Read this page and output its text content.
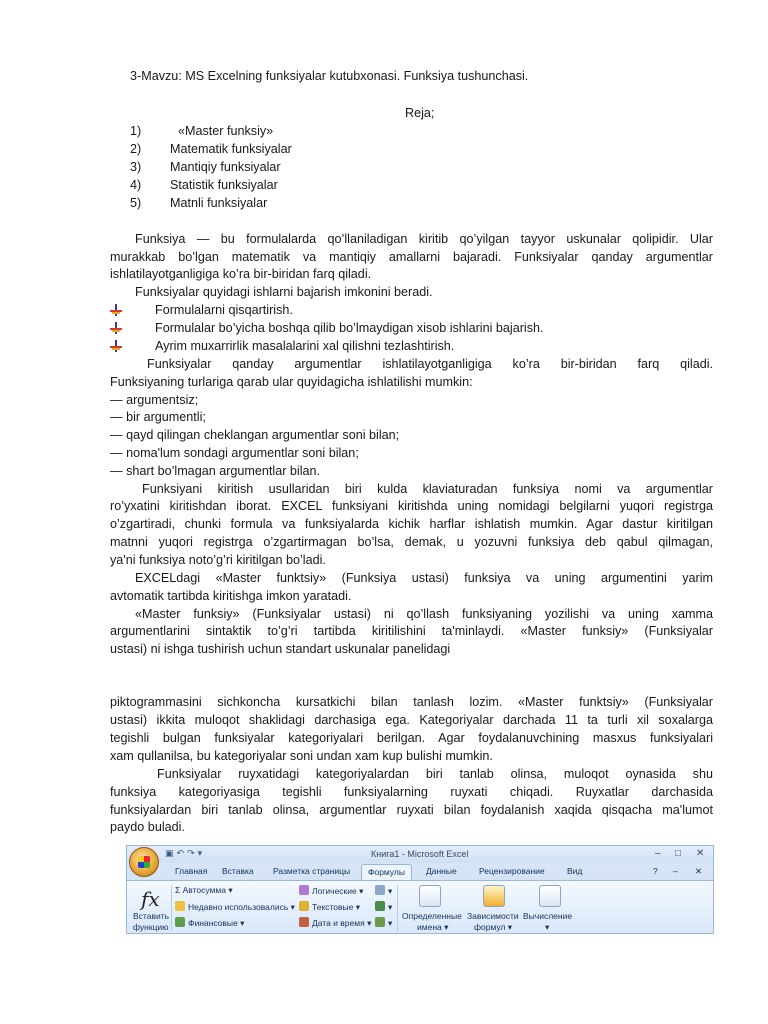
3-Mavzu: MS Excelning funksiyalar kutubxonasi. Funksiya tushunchasi.
Reja;
1)	«Master funksiy»
2) Matematik funksiyalar
3) Mantiqiy funksiyalar
4) Statistik funksiyalar
5) Matnli funksiyalar
Funksiya — bu formulalarda qo’llaniladigan kiritib qo’yilgan tayyor uskunalar qolipidir. Ular
murakkab bo’lgan matematik va mantiqiy amallarni bajaradi. Funksiyalar qanday argumentlar
ishlatilayotganligiga ko’ra bir-biridan farq qiladi.
Funksiyalar quyidagi ishlarni bajarish imkonini beradi.
Formulalarni qisqartirish.
Formulalar bo’yicha boshqa qilib bo’lmaydigan xisob ishlarini bajarish.
Ayrim muxarrirlik masalalarini xal qilishni tezlashtirish.
Funksiyalar qanday argumentlar ishlatilayotganligiga ko’ra bir-biridan farq qiladi.
Funksiyaning turlariga qarab ular quyidagicha ishlatilishi mumkin:
— argumentsiz;
— bir argumentli;
— qayd qilingan cheklangan argumentlar soni bilan;
— noma'lum sondagi argumentlar soni bilan;
— shart bo’lmagan argumentlar bilan.
Funksiyani kiritish usullaridan biri kulda klaviaturadan funksiya nomi va argumentlar
ro’yxatini kiritishdan iborat. EXCEL funksiyani kiritishda uning nomidagi belgilarni yuqori registrga
o’zgartiradi, chunki formula va funksiyalarda kichik harflar ishlatish mumkin. Agar dastur kiritilgan
matnni yuqori registrga o’zgartirmagan bo’lsa, demak, u yozuvni funksiya deb qabul qilmagan,
ya'ni funksiya noto’g’ri kiritilgan bo’ladi.
EXCELdagi «Master funktsiy» (Funksiya ustasi) funksiya va uning argumentini yarim
avtomatik tartibda kiritishga imkon yaratadi.
«Master funksiy» (Funksiyalar ustasi) ni qo’llash funksiyaning yozilishi va uning xamma
argumentlarini sintaktik to’g’ri tartibda kiritilishini ta'minlaydi. «Master funksiy» (Funksiyalar
ustasi) ni ishga tushirish uchun standart uskunalar panelidagi
piktogrammasini sichkoncha kursatkichi bilan tanlash lozim. «Master funktsiy» (Funksiyalar
ustasi) ikkita muloqot shaklidagi darchasiga ega. Kategoriyalar darchada 11 ta turli xil soxalarga
tegishli bulgan funksiyalar kategoriyalari berilgan. Agar foydalanuvchining masxus funksiyalari
xam qullanilsa, bu kategoriyalar soni undan xam kup bulishi mumkin.
Funksiyalar ruyxatidagi kategoriyalardan biri tanlab olinsa, muloqot oynasida shu
funksiya kategoriyasiga tegishli funksiyalarning ruyxati chiqadi. Ruyxatlar darchasida
funksiyalardan biri tanlab olinsa, argumentlar ruyxati bilan foydalanish xaqida qisqacha ma'lumot
paydo buladi.
▣↶↷▾	Книга1 - Microsoft Excel	– □ ✕
Главная Вставка Разметка страницы	Формулы	Данные	Рецензирование	Вид	? – ✕
fx
Вставить
функцию
Σ Автосумма ▾
Недавно использовались ▾
Финансовые ▾
Логические ▾
Текстовые ▾
Дата и время ▾
▾
▾
▾
Определенные
имена ▾
Зависимости
формул ▾
Вычисление
▾
